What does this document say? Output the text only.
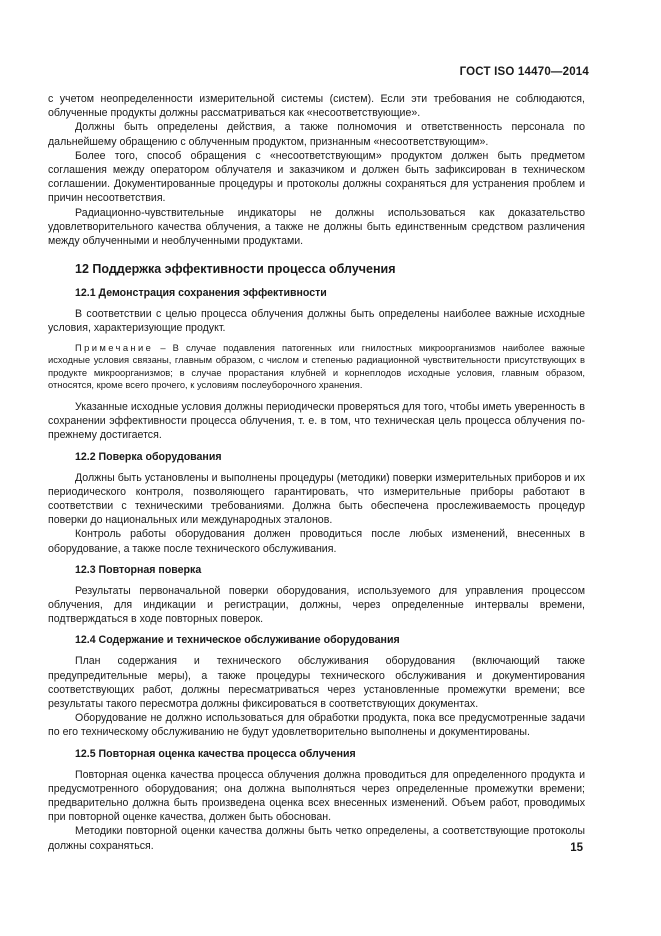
ГОСТ ISO 14470—2014

с учетом неопределенности измерительной системы (систем). Если эти требования не соблюдаются, облученные продукты должны рассматриваться как «несоответствующие».

Должны быть определены действия, а также полномочия и ответственность персонала по дальнейшему обращению с облученным продуктом, признанным «несоответствующим».

Более того, способ обращения с «несоответствующим» продуктом должен быть предметом соглашения между оператором облучателя и заказчиком и должен быть зафиксирован в техническом соглашении. Документированные процедуры и протоколы должны сохраняться для устранения проблем и причин несоответствия.

Радиационно-чувствительные индикаторы не должны использоваться как доказательство удовлетворительного качества облучения, а также не должны быть единственным средством различения между облученными и необлученными продуктами.

12 Поддержка эффективности процесса облучения
12.1 Демонстрация сохранения эффективности

В соответствии с целью процесса облучения должны быть определены наиболее важные исходные условия, характеризующие продукт.

Примечание – В случае подавления патогенных или гнилостных микроорганизмов наиболее важные исходные условия связаны, главным образом, с числом и степенью радиационной чувствительности присутствующих в продукте микроорганизмов; в случае прорастания клубней и корнеплодов исходные условия, главным образом, относятся, кроме всего прочего, к условиям послеуборочного хранения.

Указанные исходные условия должны периодически проверяться для того, чтобы иметь уверенность в сохранении эффективности процесса облучения, т. е. в том, что техническая цель процесса облучения по-прежнему достигается.

12.2 Поверка оборудования

Должны быть установлены и выполнены процедуры (методики) поверки измерительных приборов и их периодического контроля, позволяющего гарантировать, что измерительные приборы работают в соответствии с техническими требованиями. Должна быть обеспечена прослеживаемость процедур поверки до национальных или международных эталонов.

Контроль работы оборудования должен проводиться после любых изменений, внесенных в оборудование, а также после технического обслуживания.

12.3 Повторная поверка

Результаты первоначальной поверки оборудования, используемого для управления процессом облучения, для индикации и регистрации, должны, через определенные интервалы времени, подтверждаться в ходе повторных поверок.

12.4 Содержание и техническое обслуживание оборудования

План содержания и технического обслуживания оборудования (включающий также предупредительные меры), а также процедуры технического обслуживания и документирования соответствующих работ, должны пересматриваться через установленные промежутки времени; все результаты такого пересмотра должны фиксироваться в соответствующих документах.

Оборудование не должно использоваться для обработки продукта, пока все предусмотренные задачи по его техническому обслуживанию не будут удовлетворительно выполнены и документированы.

12.5 Повторная оценка качества процесса облучения

Повторная оценка качества процесса облучения должна проводиться для определенного продукта и предусмотренного оборудования; она должна выполняться через определенные промежутки времени; предварительно должна быть произведена оценка всех внесенных изменений. Объем работ, проводимых при повторной оценке качества, должен быть обоснован.

Методики повторной оценки качества должны быть четко определены, а соответствующие протоколы должны сохраняться.	15
